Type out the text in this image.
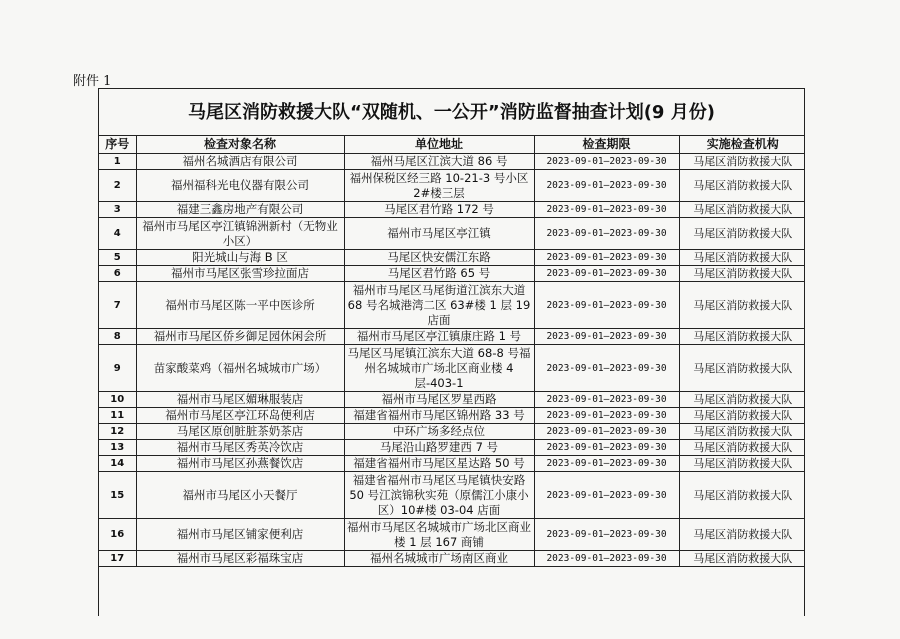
附件 1
马尾区消防救援大队“双随机、一公开”消防监督抽查计划(9 月份)
序号	检查对象名称	单位地址	检查期限	实施检查机构
1	福州名城酒店有限公司	福州马尾区江滨大道 86 号	2023-09-01—2023-09-30	马尾区消防救援大队
2	福州福科光电仪器有限公司	福州保税区经三路 10-21-3 号小区2#楼三层	2023-09-01—2023-09-30	马尾区消防救援大队
3	福建三鑫房地产有限公司	马尾区君竹路 172 号	2023-09-01—2023-09-30	马尾区消防救援大队
4	福州市马尾区亭江镇锦洲新村（无物业小区）	福州市马尾区亭江镇	2023-09-01—2023-09-30	马尾区消防救援大队
5	阳光城山与海 B 区	马尾区快安儒江东路	2023-09-01—2023-09-30	马尾区消防救援大队
6	福州市马尾区张雪珍拉面店	马尾区君竹路 65 号	2023-09-01—2023-09-30	马尾区消防救援大队
7	福州市马尾区陈一平中医诊所	福州市马尾区马尾街道江滨东大道68 号名城港湾二区 63#楼 1 层 19 店面	2023-09-01—2023-09-30	马尾区消防救援大队
8	福州市马尾区侨乡御足园休闲会所	福州市马尾区亭江镇康庄路 1 号	2023-09-01—2023-09-30	马尾区消防救援大队
9	苗家酸菜鸡（福州名城城市广场）	马尾区马尾镇江滨东大道 68-8 号福州名城城市广场北区商业楼 4 层-403-1	2023-09-01—2023-09-30	马尾区消防救援大队
10	福州市马尾区媚琳服装店	福州市马尾区罗星西路	2023-09-01—2023-09-30	马尾区消防救援大队
11	福州市马尾区亭江环岛便利店	福建省福州市马尾区锦州路 33 号	2023-09-01—2023-09-30	马尾区消防救援大队
12	马尾区原创脏脏茶奶茶店	中环广场多经点位	2023-09-01—2023-09-30	马尾区消防救援大队
13	福州市马尾区秀英冷饮店	马尾沿山路罗建西 7 号	2023-09-01—2023-09-30	马尾区消防救援大队
14	福州市马尾区孙燕餐饮店	福建省福州市马尾区星达路 50 号	2023-09-01—2023-09-30	马尾区消防救援大队
15	福州市马尾区小天餐厅	福建省福州市马尾区马尾镇快安路50 号江滨锦秋实苑（原儒江小康小区）10#楼 03-04 店面	2023-09-01—2023-09-30	马尾区消防救援大队
16	福州市马尾区铺家便利店	福州市马尾区名城城市广场北区商业楼 1 层 167 商铺	2023-09-01—2023-09-30	马尾区消防救援大队
17	福州市马尾区彩福珠宝店	福州名城城市广场南区商业	2023-09-01—2023-09-30	马尾区消防救援大队
